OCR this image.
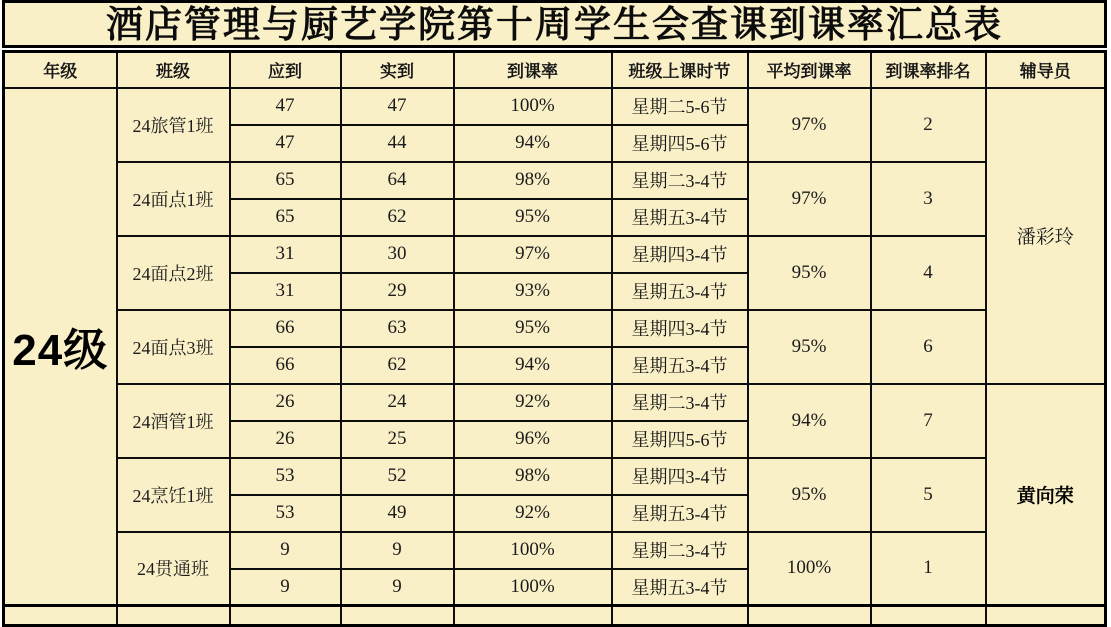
酒店管理与厨艺学院第十周学生会查课到课率汇总表
年级	班级	应到	实到	到课率	班级上课时节	平均到课率	到课率排名	辅导员
24级	24旅管1班	47	47	100%	星期二5-6节	97%	2	潘彩玲
		47	44	94%	星期四5-6节			
	24面点1班	65	64	98%	星期二3-4节	97%	3	
		65	62	95%	星期五3-4节			
	24面点2班	31	30	97%	星期四3-4节	95%	4	
		31	29	93%	星期五3-4节			
	24面点3班	66	63	95%	星期四3-4节	95%	6	
		66	62	94%	星期五3-4节			
	24酒管1班	26	24	92%	星期二3-4节	94%	7	黄向荣
		26	25	96%	星期四5-6节			
	24烹饪1班	53	52	98%	星期四3-4节	95%	5	
		53	49	92%	星期五3-4节			
	24贯通班	9	9	100%	星期二3-4节	100%	1	
		9	9	100%	星期五3-4节			
